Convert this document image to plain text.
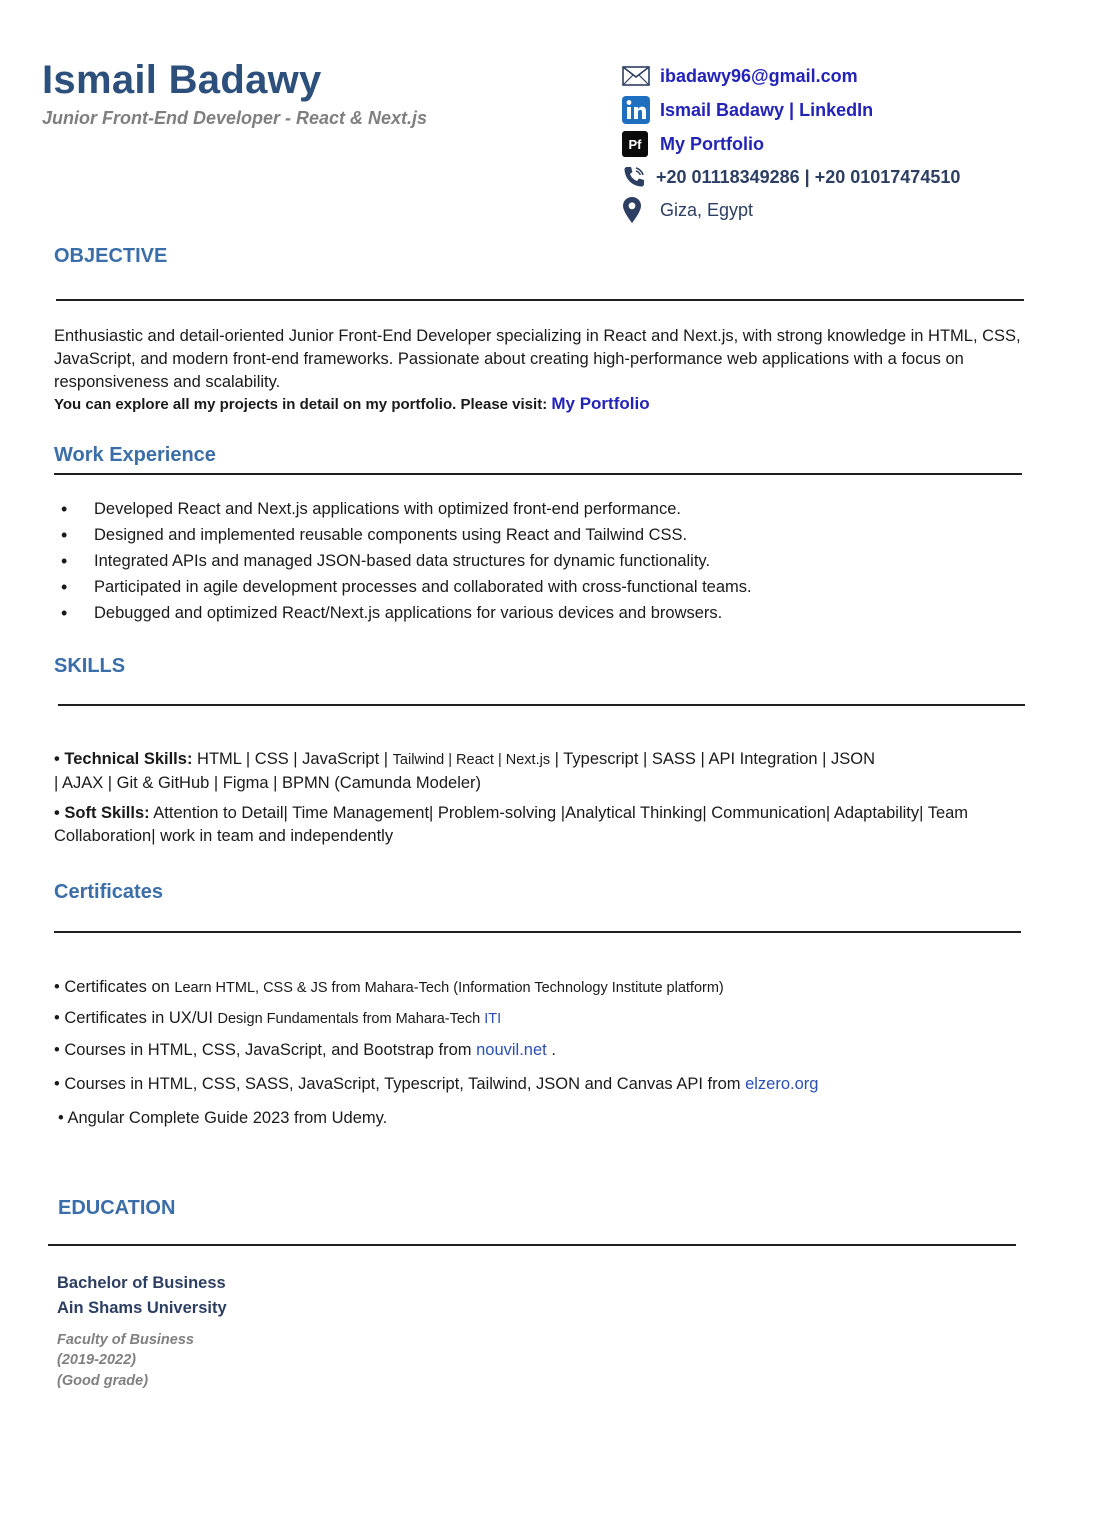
Ismail Badawy
Junior Front-End Developer - React & Next.js
ibadawy96@gmail.com
Ismail Badawy | LinkedIn
Pf	My Portfolio
+20 01118349286 | +20 01017474510
Giza, Egypt
OBJECTIVE
Enthusiastic and detail-oriented Junior Front-End Developer specializing in React and Next.js, with strong knowledge in HTML, CSS, JavaScript, and modern front-end frameworks. Passionate about creating high-performance web applications with a focus on responsiveness and scalability.
You can explore all my projects in detail on my portfolio. Please visit: My Portfolio
Work Experience
• Developed React and Next.js applications with optimized front-end performance.
• Designed and implemented reusable components using React and Tailwind CSS.
• Integrated APIs and managed JSON-based data structures for dynamic functionality.
• Participated in agile development processes and collaborated with cross-functional teams.
• Debugged and optimized React/Next.js applications for various devices and browsers.
SKILLS
• Technical Skills: HTML | CSS | JavaScript | Tailwind | React | Next.js | Typescript | SASS | API Integration | JSON
| AJAX | Git & GitHub | Figma | BPMN (Camunda Modeler)
• Soft Skills: Attention to Detail| Time Management| Problem-solving |Analytical Thinking| Communication| Adaptability| Team Collaboration| work in team and independently
Certificates
• Certificates on Learn HTML, CSS & JS from Mahara-Tech (Information Technology Institute platform)
• Certificates in UX/UI Design Fundamentals from Mahara-Tech ITI
• Courses in HTML, CSS, JavaScript, and Bootstrap from nouvil.net .
• Courses in HTML, CSS, SASS, JavaScript, Typescript, Tailwind, JSON and Canvas API from elzero.org
• Angular Complete Guide 2023 from Udemy.
EDUCATION
Bachelor of Business
Ain Shams University
Faculty of Business
(2019-2022)
(Good grade)
